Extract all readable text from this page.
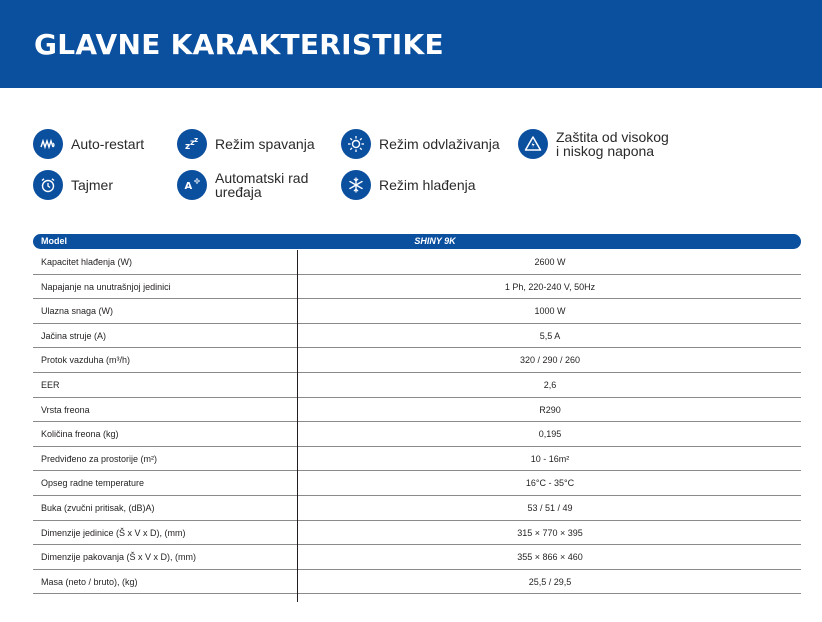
GLAVNE KARAKTERISTIKE
Auto-restart	z z z Režim spavanja	Režim odvlaživanja	Zaštita od visokog
i niskog napona
Tajmer	A
Automatski rad
uređaja	Režim hlađenja
Model	SHINY 9K
Kapacitet hlađenja (W)	2600 W
Napajanje na unutrašnjoj jedinici	1 Ph, 220-240 V, 50Hz
Ulazna snaga (W)	1000 W
Jačina struje (A)	5,5 A
Protok vazduha (m³/h)	320 / 290 / 260
EER	2,6
Vrsta freona	R290
Količina freona (kg)	0,195
Predviđeno za prostorije (m²)	10 - 16m²
Opseg radne temperature	16°C - 35°C
Buka (zvučni pritisak, (dB)A)	53 / 51 / 49
Dimenzije jedinice (Š x V x D), (mm)	315 × 770 × 395
Dimenzije pakovanja (Š x V x D), (mm)	355 × 866 × 460
Masa (neto / bruto), (kg)	25,5 / 29,5
